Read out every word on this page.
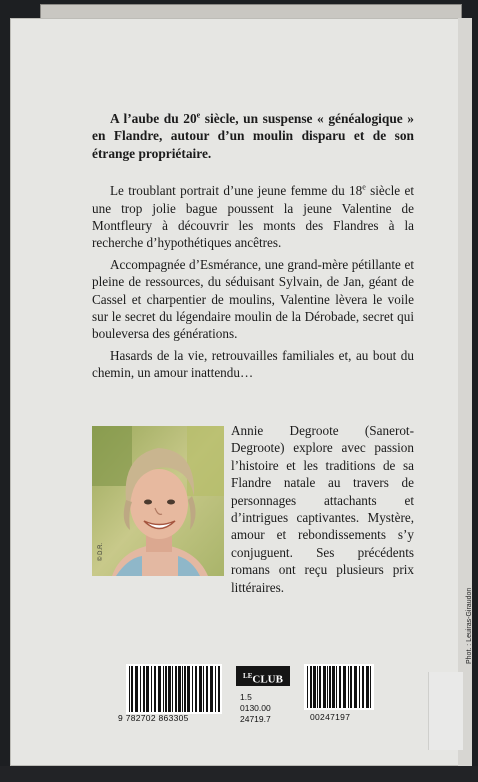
A l’aube du 20e siècle, un suspense « généalogique » en Flandre, autour d’un moulin disparu et de son étrange propriétaire.

Le troublant portrait d’une jeune femme du 18e siècle et une trop jolie bague poussent la jeune Valentine de Montfleury à découvrir les monts des Flandres à la recherche d’hypothétiques ancêtres.

Accompagnée d’Esmérance, une grand-mère pétillante et pleine de ressources, du séduisant Sylvain, de Jan, géant de Cassel et charpentier de moulins, Valentine lèvera le voile sur le secret du légendaire moulin de la Dérobade, secret qui bouleversa des générations.

Hasards de la vie, retrouvailles familiales et, au bout du chemin, un amour inattendu…

© D.R.
Annie Degroote (Sanerot-Degroote) explore avec passion l’histoire et les traditions de sa Flandre natale au travers de personnages attachants et d’intrigues captivantes. Mystère, amour et rebondissements s’y conjuguent. Ses précédents romans ont reçu plusieurs prix littéraires.
Phot. : Leuiras-Giraudon
9 782702 863305
$^{LE}$CLUB
1.5
0130.00
24719.7	00247197
